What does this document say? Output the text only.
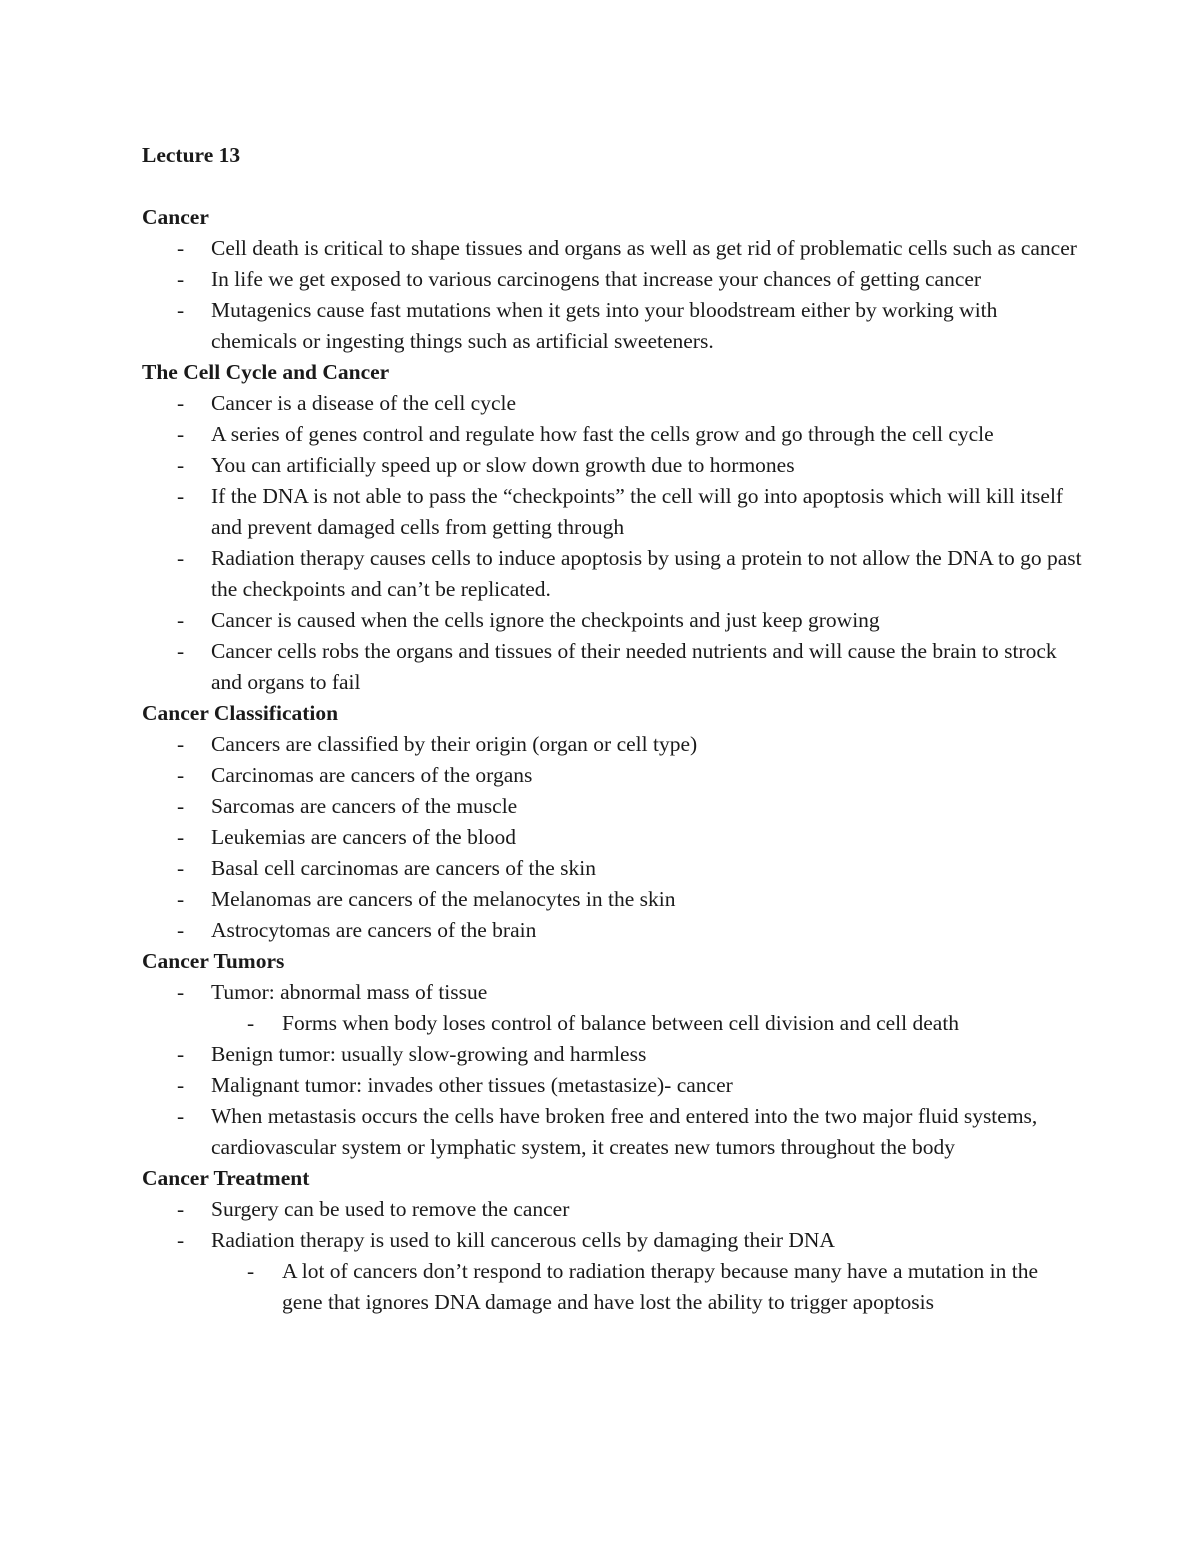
Lecture 13
Cancer
- Cell death is critical to shape tissues and organs as well as get rid of problematic cells such as cancer
- In life we get exposed to various carcinogens that increase your chances of getting cancer
- Mutagenics cause fast mutations when it gets into your bloodstream either by working with chemicals or ingesting things such as artificial sweeteners.
The Cell Cycle and Cancer
- Cancer is a disease of the cell cycle
- A series of genes control and regulate how fast the cells grow and go through the cell cycle
- You can artificially speed up or slow down growth due to hormones
- If the DNA is not able to pass the “checkpoints” the cell will go into apoptosis which will kill itself and prevent damaged cells from getting through
- Radiation therapy causes cells to induce apoptosis by using a protein to not allow the DNA to go past the checkpoints and can’t be replicated.
- Cancer is caused when the cells ignore the checkpoints and just keep growing
- Cancer cells robs the organs and tissues of their needed nutrients and will cause the brain to strock and organs to fail
Cancer Classification
- Cancers are classified by their origin (organ or cell type)
- Carcinomas are cancers of the organs
- Sarcomas are cancers of the muscle
- Leukemias are cancers of the blood
- Basal cell carcinomas are cancers of the skin
- Melanomas are cancers of the melanocytes in the skin
- Astrocytomas are cancers of the brain
Cancer Tumors
- Tumor: abnormal mass of tissue
- Forms when body loses control of balance between cell division and cell death
- Benign tumor: usually slow-growing and harmless
- Malignant tumor: invades other tissues (metastasize)- cancer
- When metastasis occurs the cells have broken free and entered into the two major fluid systems, cardiovascular system or lymphatic system, it creates new tumors throughout the body
Cancer Treatment
- Surgery can be used to remove the cancer
- Radiation therapy is used to kill cancerous cells by damaging their DNA
- A lot of cancers don’t respond to radiation therapy because many have a mutation in the gene that ignores DNA damage and have lost the ability to trigger apoptosis
